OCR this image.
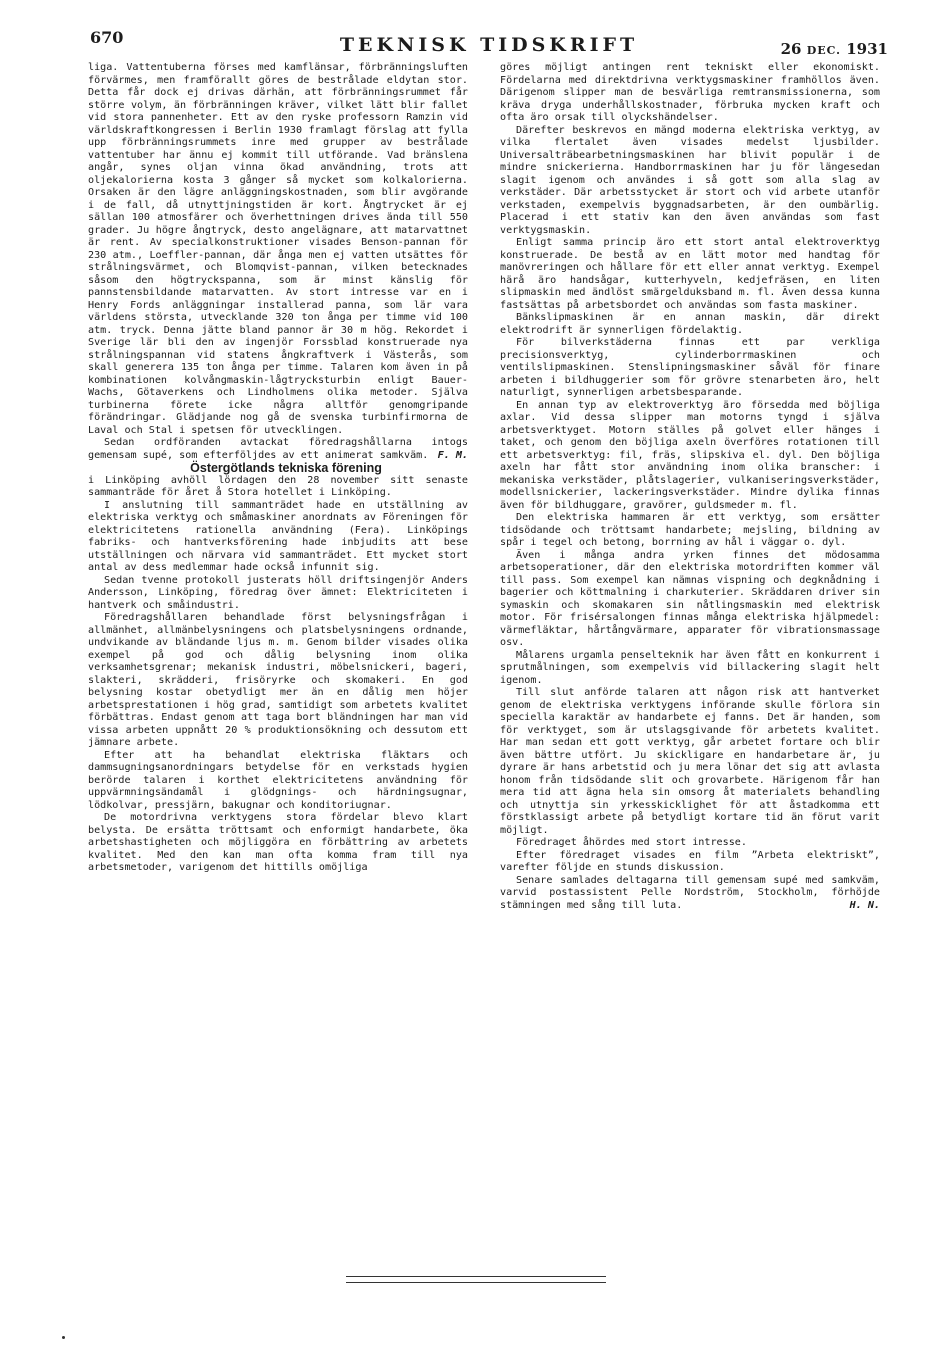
670	TEKNISK TIDSKRIFT	26 DEC. 1931

liga. Vattentuberna förses med kamflänsar, förbränningsluften förvärmes, men framförallt göres de bestrålade eldytan stor. Detta får dock ej drivas därhän, att förbränningsrummet får större volym, än förbränningen kräver, vilket lätt blir fallet vid stora pannenheter. Ett av den ryske professorn Ramzin vid världskraftkongressen i Berlin 1930 framlagt förslag att fylla upp förbränningsrummets inre med grupper av bestrålade vattentuber har ännu ej kommit till utförande. Vad bränslena angår, synes oljan vinna ökad användning, trots att oljekalorierna kosta 3 gånger så mycket som kolkalorierna. Orsaken är den lägre anläggningskostnaden, som blir avgörande i de fall, då utnyttjningstiden är kort. Ångtrycket är ej sällan 100 atmosfärer och överhettningen drives ända till 550 grader. Ju högre ångtryck, desto angelägnare, att matarvattnet är rent. Av specialkonstruktioner visades Benson-pannan för 230 atm., Loeffler-pannan, där ånga men ej vatten utsättes för strålningsvärmet, och Blomqvist-pannan, vilken betecknades såsom den högtryckspanna, som är minst känslig för pannstensbildande matarvatten. Av stort intresse var en i Henry Fords anläggningar installerad panna, som lär vara världens största, utvecklande 320 ton ånga per timme vid 100 atm. tryck. Denna jätte bland pannor är 30 m hög. Rekordet i Sverige lär bli den av ingenjör Forssblad konstruerade nya strålningspannan vid statens ångkraftverk i Västerås, som skall generera 135 ton ånga per timme. Talaren kom även in på kombinationen kolvångmaskin-lågtrycksturbin enligt Bauer-Wachs, Götaverkens och Lindholmens olika metoder. Själva turbinerna förete icke några alltför genomgripande förändringar. Glädjande nog gå de svenska turbinfirmorna de Laval och Stal i spetsen för utvecklingen.

Sedan ordföranden avtackat föredragshållarna intogs gemensam supé, som efterföljdes av ett animerat samkväm. F. M.

Östergötlands tekniska förening

i Linköping avhöll lördagen den 28 november sitt senaste sammanträde för året å Stora hotellet i Linköping.

I anslutning till sammanträdet hade en utställning av elektriska verktyg och småmaskiner anordnats av Föreningen för elektricitetens rationella användning (Fera). Linköpings fabriks- och hantverksförening hade inbjudits att bese utställningen och närvara vid sammanträdet. Ett mycket stort antal av dess medlemmar hade också infunnit sig.

Sedan tvenne protokoll justerats höll driftsingenjör Anders Andersson, Linköping, föredrag över ämnet: Elektriciteten i hantverk och småindustri.

Föredragshållaren behandlade först belysningsfrågan i allmänhet, allmänbelysningens och platsbelysningens ordnande, undvikande av bländande ljus m. m. Genom bilder visades olika exempel på god och dålig belysning inom olika verksamhetsgrenar; mekanisk industri, möbelsnickeri, bageri, slakteri, skrädderi, frisöryrke och skomakeri. En god belysning kostar obetydligt mer än en dålig men höjer arbetsprestationen i hög grad, samtidigt som arbetets kvalitet förbättras. Endast genom att taga bort bländningen har man vid vissa arbeten uppnått 20 % produktionsökning och dessutom ett jämnare arbete.

Efter att ha behandlat elektriska fläktars och dammsugningsanordningars betydelse för en verkstads hygien berörde talaren i korthet elektricitetens användning för uppvärmningsändamål i glödgnings- och härdningsugnar, lödkolvar, pressjärn, bakugnar och konditoriugnar.

De motordrivna verktygens stora fördelar blevo klart belysta. De ersätta tröttsamt och enformigt handarbete, öka arbetshastigheten och möjliggöra en förbättring av arbetets kvalitet. Med den kan man ofta komma fram till nya arbetsmetoder, varigenom det hittills omöjliga

göres möjligt antingen rent tekniskt eller ekonomiskt. Fördelarna med direktdrivna verktygsmaskiner framhöllos även. Därigenom slipper man de besvärliga remtransmissionerna, som kräva dryga underhållskostnader, förbruka mycken kraft och ofta äro orsak till olyckshändelser.

Därefter beskrevos en mängd moderna elektriska verktyg, av vilka flertalet även visades medelst ljusbilder. Universalträbearbetningsmaskinen har blivit populär i de mindre snickerierna. Handborrmaskinen har ju för längesedan slagit igenom och användes i så gott som alla slag av verkstäder. Där arbetsstycket är stort och vid arbete utanför verkstaden, exempelvis byggnadsarbeten, är den oumbärlig. Placerad i ett stativ kan den även användas som fast verktygsmaskin.

Enligt samma princip äro ett stort antal elektroverktyg konstruerade. De bestå av en lätt motor med handtag för manövreringen och hållare för ett eller annat verktyg. Exempel härå äro handsågar, kutterhyveln, kedjefräsen, en liten slipmaskin med ändlöst smärgelduksband m. fl. Även dessa kunna fastsättas på arbetsbordet och användas som fasta maskiner.

Bänkslipmaskinen är en annan maskin, där direkt elektrodrift är synnerligen fördelaktig.

För bilverkstäderna finnas ett par verkliga precisionsverktyg, cylinderborrmaskinen och ventilslipmaskinen. Stenslipningsmaskiner såväl för finare arbeten i bildhuggerier som för grövre stenarbeten äro, helt naturligt, synnerligen arbetsbesparande.

En annan typ av elektroverktyg äro försedda med böjliga axlar. Vid dessa slipper man motorns tyngd i själva arbetsverktyget. Motorn ställes på golvet eller hänges i taket, och genom den böjliga axeln överföres rotationen till ett arbetsverktyg: fil, fräs, slipskiva el. dyl. Den böjliga axeln har fått stor användning inom olika branscher: i mekaniska verkstäder, plåtslagerier, vulkaniseringsverkstäder, modellsnickerier, lackeringsverkstäder. Mindre dylika finnas även för bildhuggare, gravörer, guldsmeder m. fl.

Den elektriska hammaren är ett verktyg, som ersätter tidsödande och tröttsamt handarbete; mejsling, bildning av spår i tegel och betong, borrning av hål i väggar o. dyl.

Även i många andra yrken finnes det mödosamma arbetsoperationer, där den elektriska motordriften kommer väl till pass. Som exempel kan nämnas vispning och degknådning i bagerier och köttmalning i charkuterier. Skräddaren driver sin symaskin och skomakaren sin nåtlingsmaskin med elektrisk motor. För frisérsalongen finnas många elektriska hjälpmedel: värmefläktar, hårtångvärmare, apparater för vibrationsmassage osv.

Målarens urgamla penselteknik har även fått en konkurrent i sprutmålningen, som exempelvis vid billackering slagit helt igenom.

Till slut anförde talaren att någon risk att hantverket genom de elektriska verktygens införande skulle förlora sin speciella karaktär av handarbete ej fanns. Det är handen, som för verktyget, som är utslagsgivande för arbetets kvalitet. Har man sedan ett gott verktyg, går arbetet fortare och blir även bättre utfört. Ju skickligare en handarbetare är, ju dyrare är hans arbetstid och ju mera lönar det sig att avlasta honom från tidsödande slit och grovarbete. Härigenom får han mera tid att ägna hela sin omsorg åt materialets behandling och utnyttja sin yrkesskicklighet för att åstadkomma ett förstklassigt arbete på betydligt kortare tid än förut varit möjligt.

Föredraget åhördes med stort intresse.

Efter föredraget visades en film ”Arbeta elektriskt”, varefter följde en stunds diskussion.

Senare samlades deltagarna till gemensam supé med samkväm, varvid postassistent Pelle Nordström, Stockholm, förhöjde stämningen med sång till luta.	H. N.
